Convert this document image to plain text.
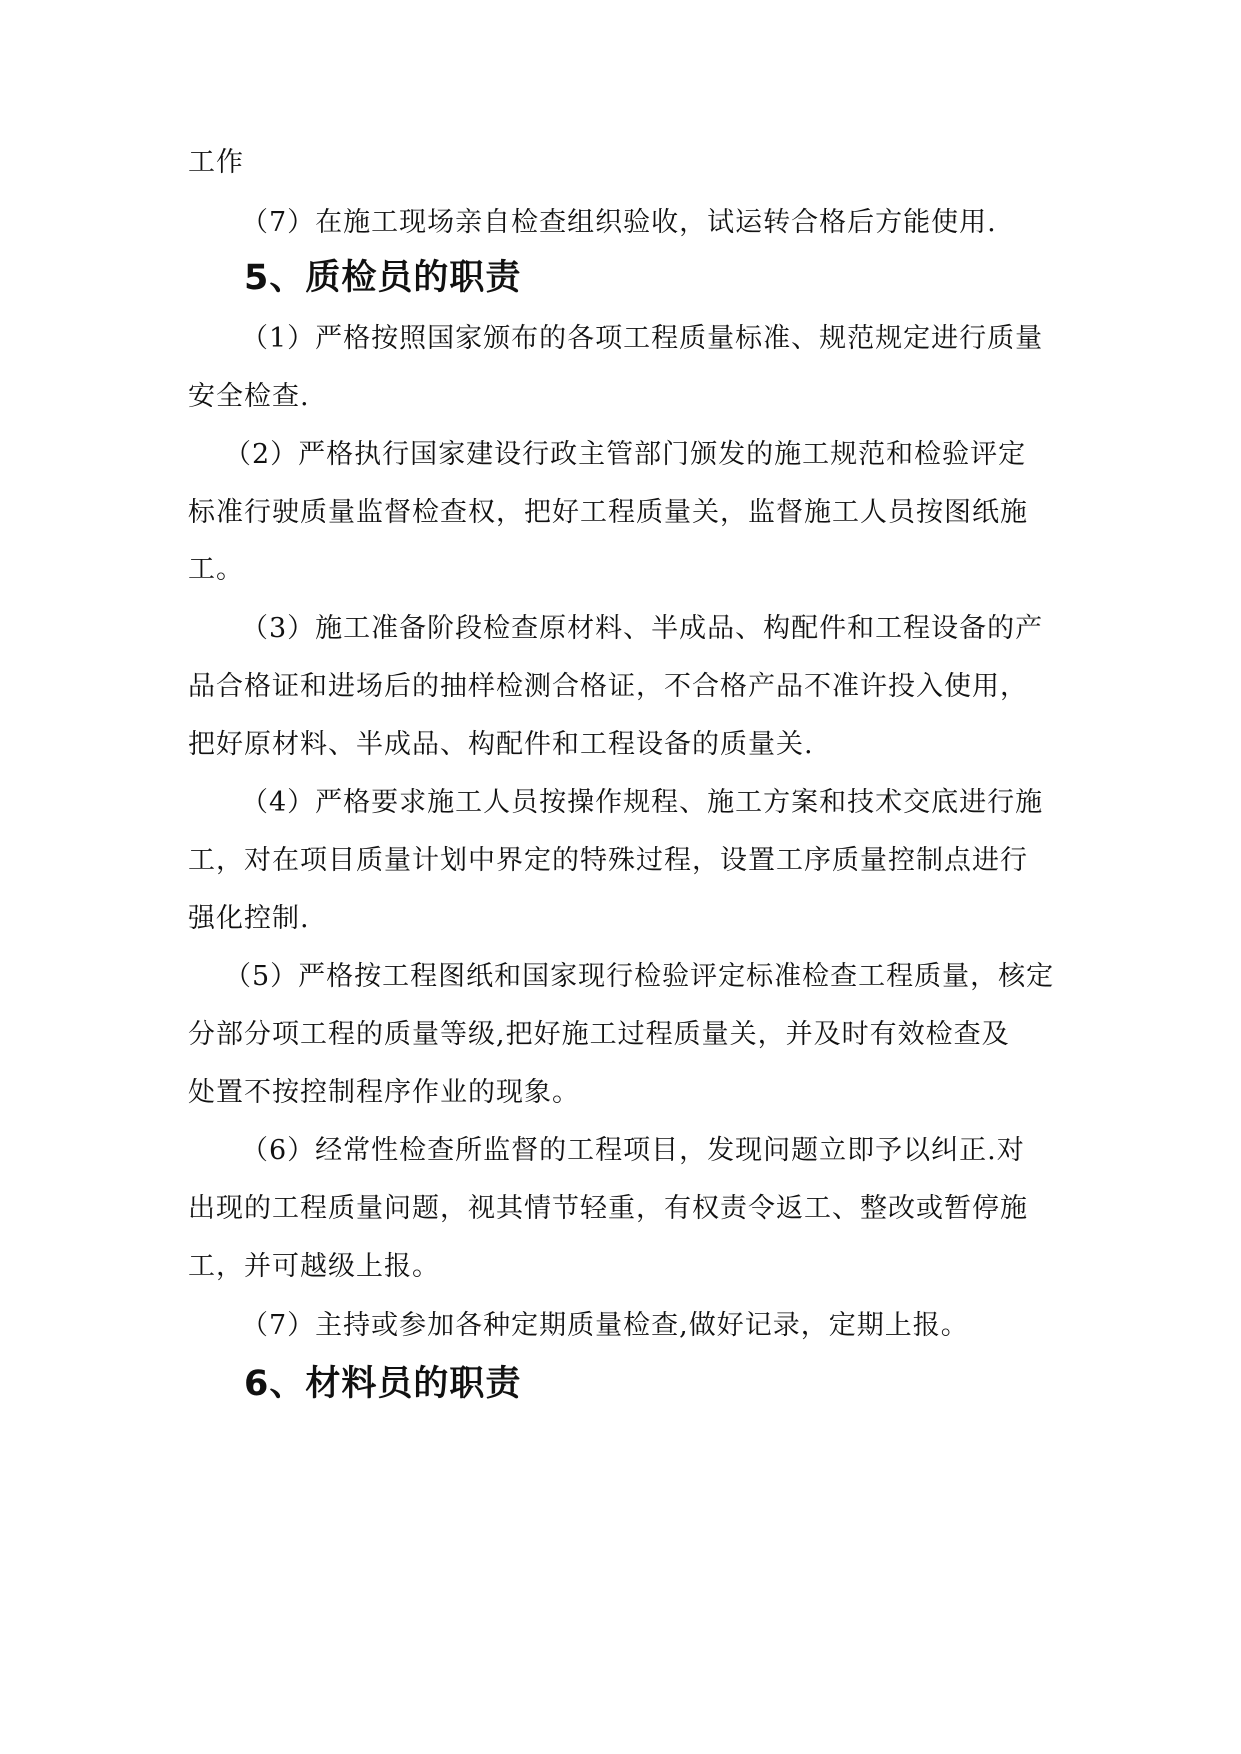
工作
（7）在施工现场亲自检查组织验收，试运转合格后方能使用.
5、质检员的职责
（1）严格按照国家颁布的各项工程质量标准、规范规定进行质量
安全检查.
（2）严格执行国家建设行政主管部门颁发的施工规范和检验评定
标准行驶质量监督检查权，把好工程质量关，监督施工人员按图纸施
工。
（3）施工准备阶段检查原材料、半成品、构配件和工程设备的产
品合格证和进场后的抽样检测合格证，不合格产品不准许投入使用，
把好原材料、半成品、构配件和工程设备的质量关.
（4）严格要求施工人员按操作规程、施工方案和技术交底进行施
工，对在项目质量计划中界定的特殊过程，设置工序质量控制点进行
强化控制.
（5）严格按工程图纸和国家现行检验评定标准检查工程质量，核定
分部分项工程的质量等级,把好施工过程质量关，并及时有效检查及
处置不按控制程序作业的现象。
（6）经常性检查所监督的工程项目，发现问题立即予以纠正.对
出现的工程质量问题，视其情节轻重，有权责令返工、整改或暂停施
工，并可越级上报。
（7）主持或参加各种定期质量检查,做好记录，定期上报。
6、材料员的职责
